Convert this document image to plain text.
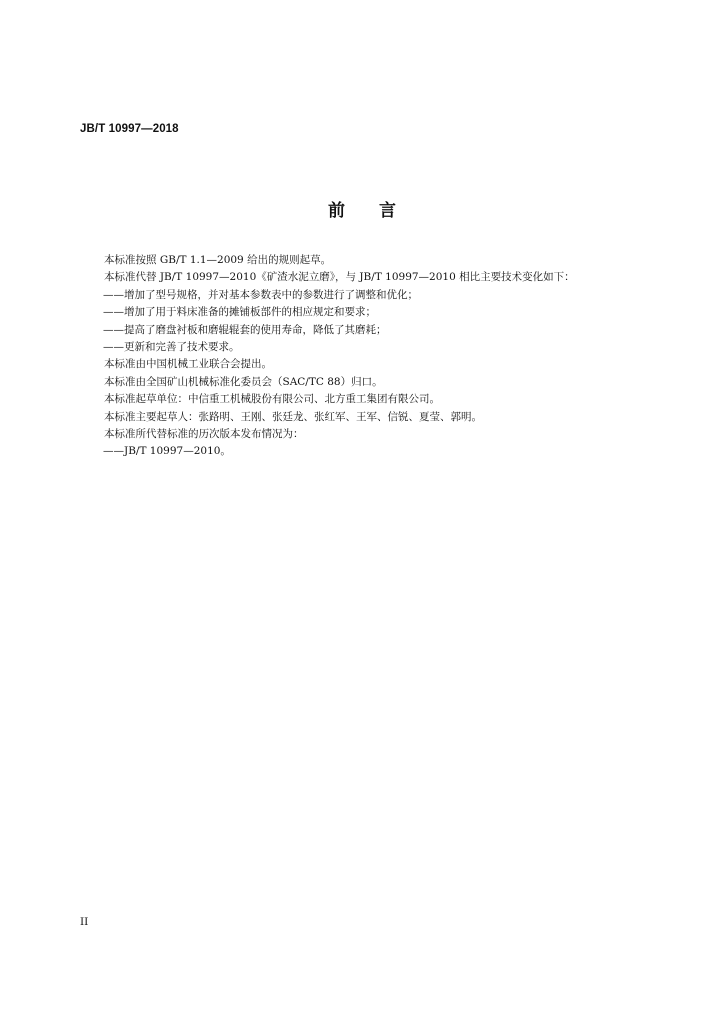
JB/T 10997—2018
前 言
本标准按照 GB/T 1.1—2009 给出的规则起草。
本标准代替 JB/T 10997—2010《矿渣水泥立磨》，与 JB/T 10997—2010 相比主要技术变化如下：
——增加了型号规格，并对基本参数表中的参数进行了调整和优化；
——增加了用于料床准备的摊铺板部件的相应规定和要求；
——提高了磨盘衬板和磨辊辊套的使用寿命，降低了其磨耗；
——更新和完善了技术要求。
本标准由中国机械工业联合会提出。
本标准由全国矿山机械标准化委员会（SAC/TC 88）归口。
本标准起草单位：中信重工机械股份有限公司、北方重工集团有限公司。
本标准主要起草人：张路明、王刚、张廷龙、张红军、王军、信锐、夏莹、郭明。
本标准所代替标准的历次版本发布情况为：
——JB/T 10997—2010。
II
